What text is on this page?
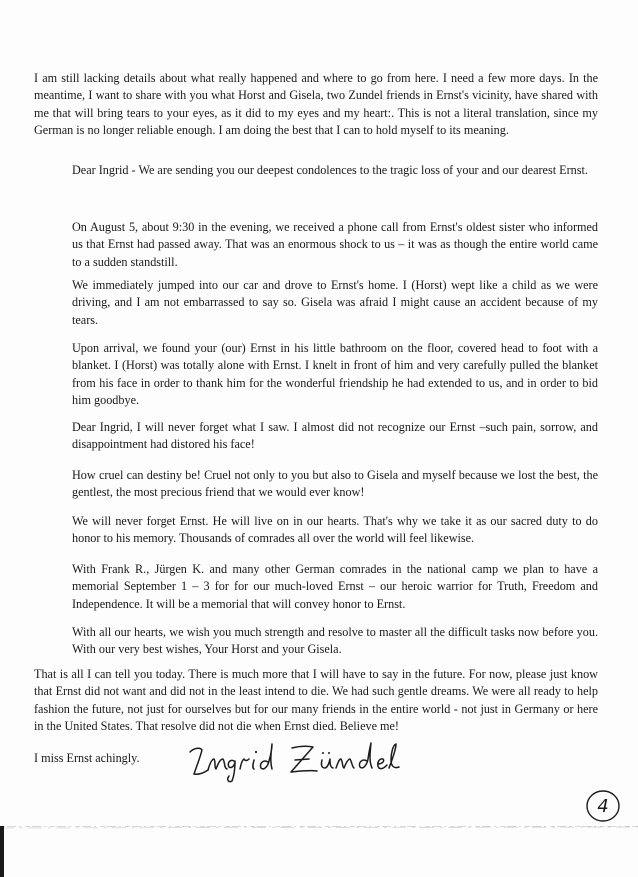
I am still lacking details about what really happened and where to go from here. I need a few more days. In the meantime, I want to share with you what Horst and Gisela, two Zundel friends in Ernst's vicinity, have shared with me that will bring tears to your eyes, as it did to my eyes and my heart:. This is not a literal translation, since my German is no longer reliable enough. I am doing the best that I can to hold myself to its meaning.

Dear Ingrid - We are sending you our deepest condolences to the tragic loss of your and our dearest Ernst.

On August 5, about 9:30 in the evening, we received a phone call from Ernst's oldest sister who informed us that Ernst had passed away. That was an enormous shock to us – it was as though the entire world came to a sudden standstill.

We immediately jumped into our car and drove to Ernst's home. I (Horst) wept like a child as we were driving, and I am not embarrassed to say so. Gisela was afraid I might cause an accident because of my tears.

Upon arrival, we found your (our) Ernst in his little bathroom on the floor, covered head to foot with a blanket. I (Horst) was totally alone with Ernst. I knelt in front of him and very carefully pulled the blanket from his face in order to thank him for the wonderful friendship he had extended to us, and in order to bid him goodbye.

Dear Ingrid, I will never forget what I saw. I almost did not recognize our Ernst –such pain, sorrow, and disappointment had distored his face!

How cruel can destiny be! Cruel not only to you but also to Gisela and myself because we lost the best, the gentlest, the most precious friend that we would ever know!

We will never forget Ernst. He will live on in our hearts. That's why we take it as our sacred duty to do honor to his memory. Thousands of comrades all over the world will feel likewise.

With Frank R., Jürgen K. and many other German comrades in the national camp we plan to have a memorial September 1 – 3 for for our much-loved Ernst – our heroic warrior for Truth, Freedom and Independence. It will be a memorial that will convey honor to Ernst.

With all our hearts, we wish you much strength and resolve to master all the difficult tasks now before you. With our very best wishes, Your Horst and your Gisela.

That is all I can tell you today. There is much more that I will have to say in the future. For now, please just know that Ernst did not want and did not in the least intend to die. We had such gentle dreams. We were all ready to help fashion the future, not just for ourselves but for our many friends in the entire world - not just in Germany or here in the United States. That resolve did not die when Ernst died. Believe me!

I miss Ernst achingly.

4
